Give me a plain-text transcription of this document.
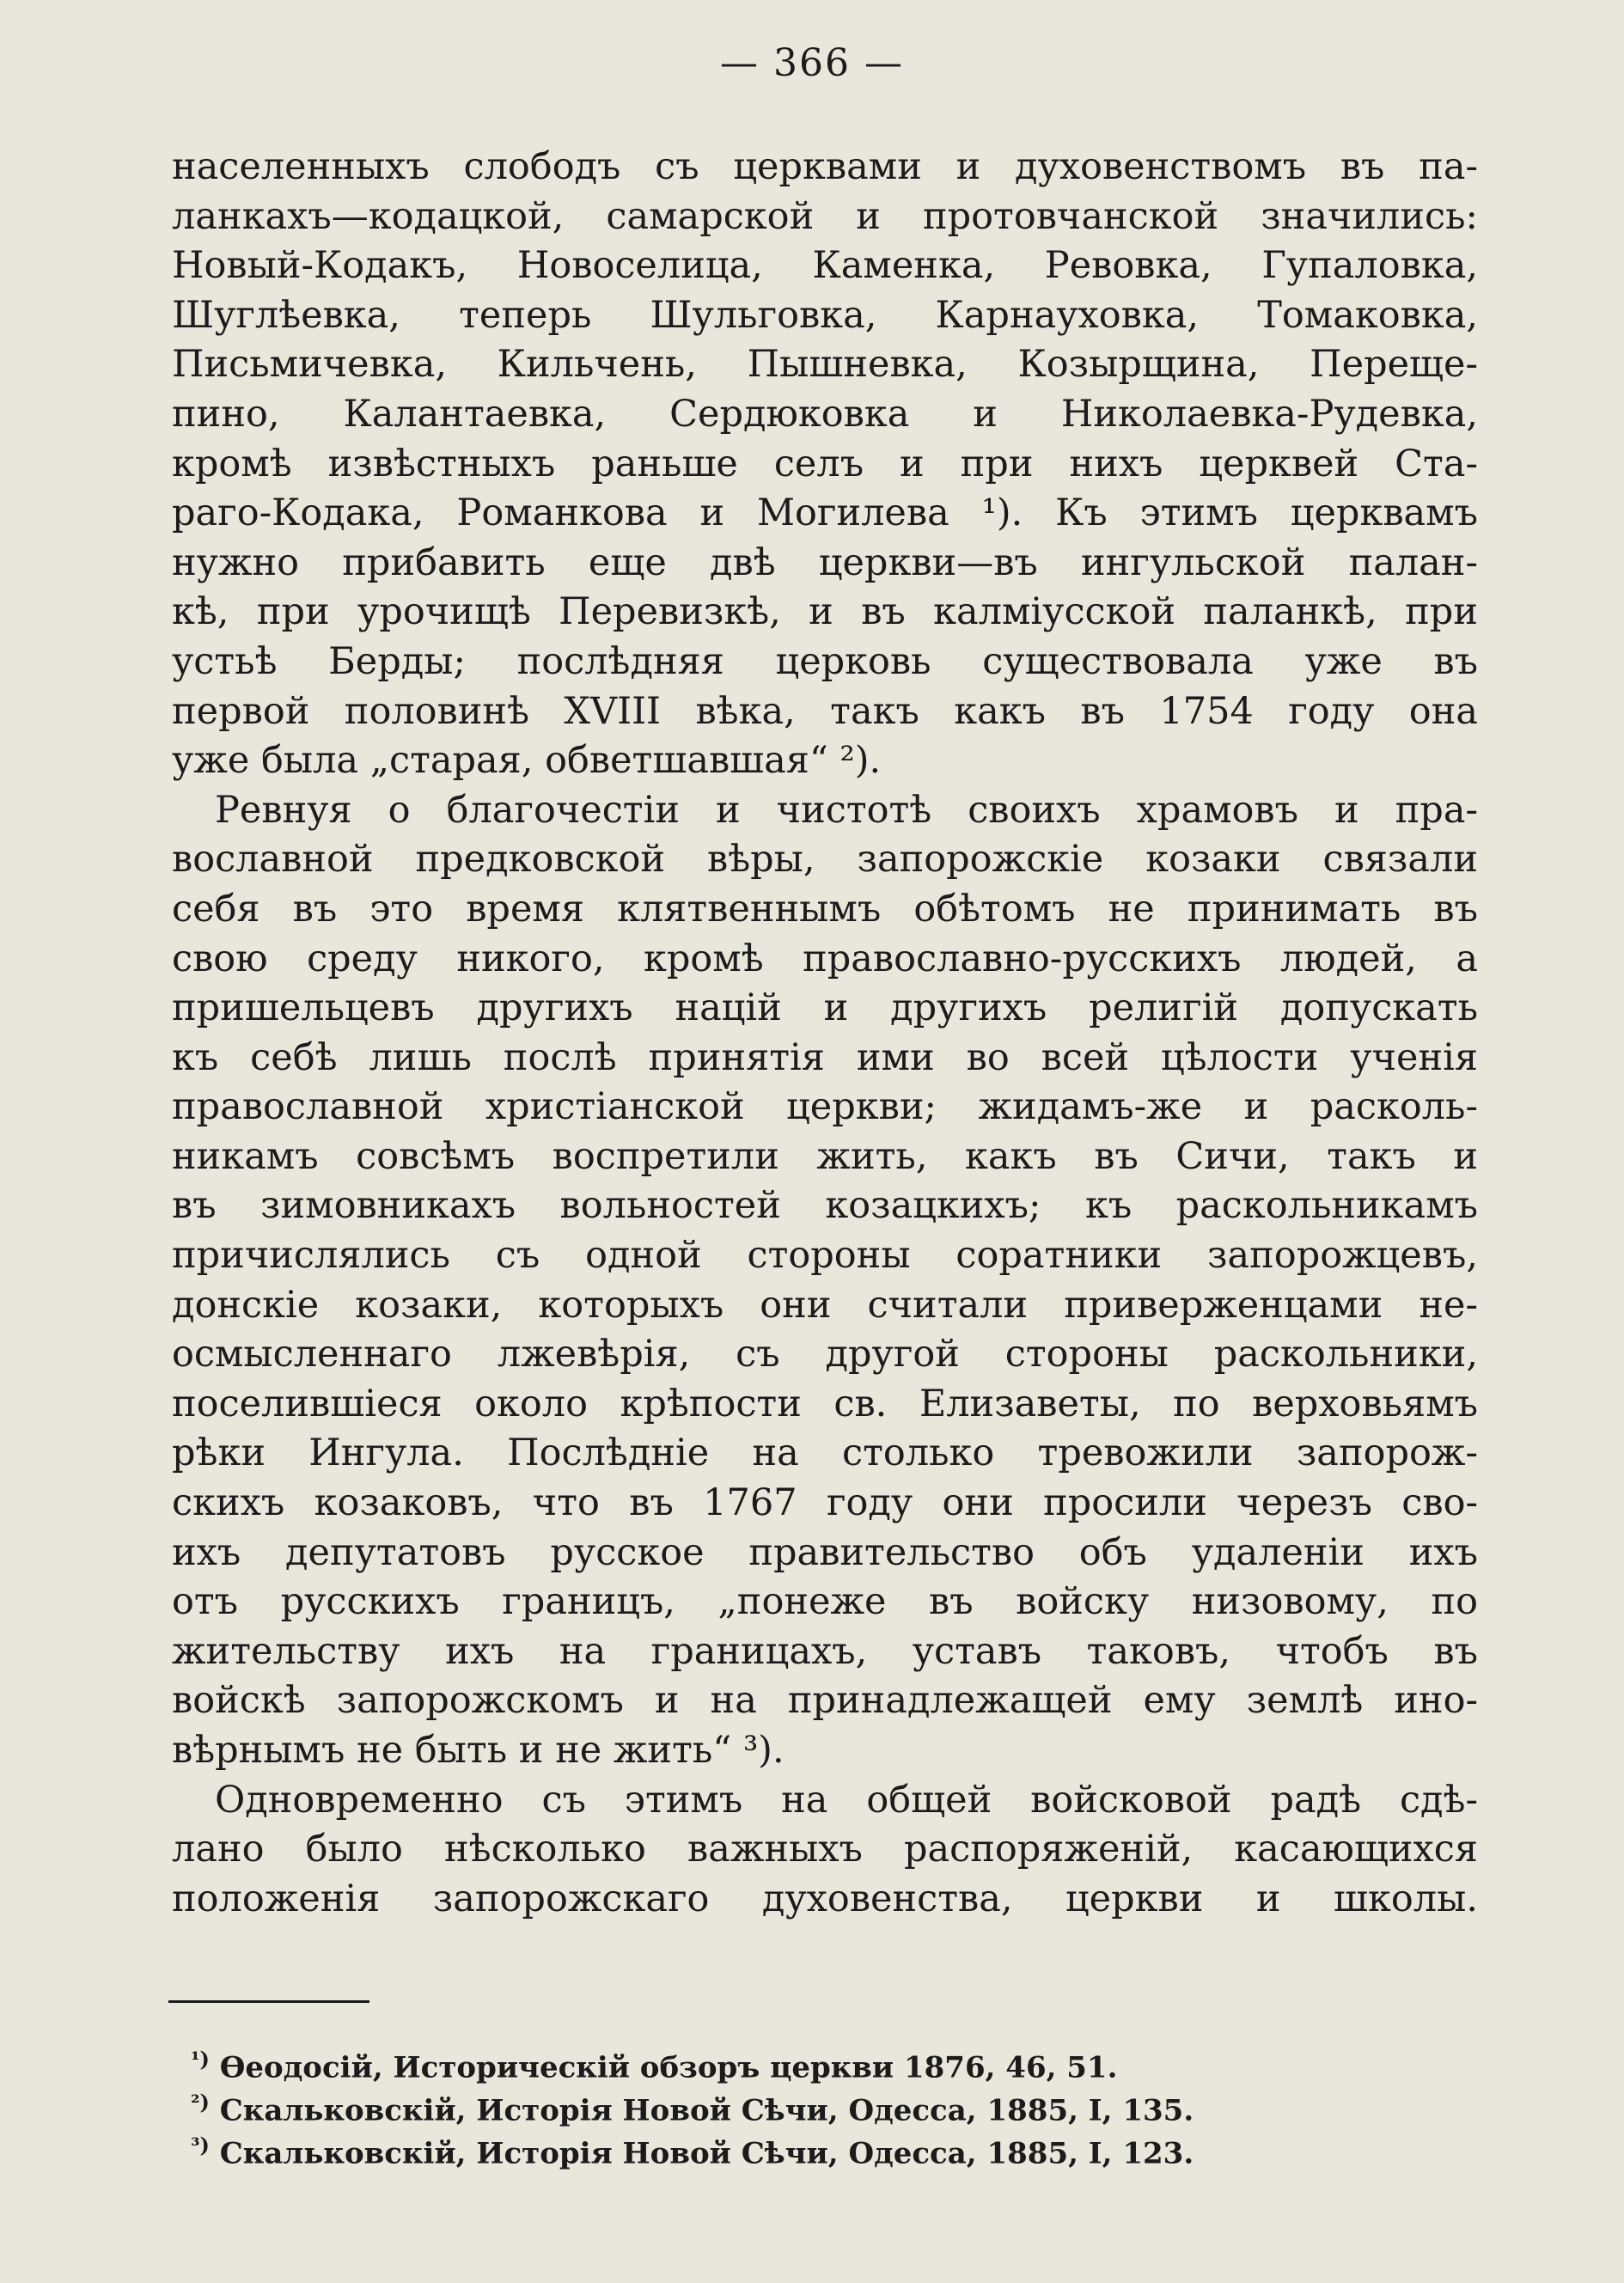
— 366 —
населенныхъ слободъ съ церквами и духовенствомъ въ па-
ланкахъ—кодацкой, самарской и протовчанской значились:
Новый-Кодакъ, Новоселица, Каменка, Ревовка, Гупаловка,
Шуглѣевка, теперь Шульговка, Карнауховка, Томаковка,
Письмичевка, Кильчень, Пышневка, Козырщина, Перещe-
пино, Калантаевка, Сердюковка и Николаевка-Рудевка,
кромѣ извѣстныхъ раньше селъ и при нихъ церквей Ста-
раго-Кодака, Романкова и Могилева ¹). Къ этимъ церквамъ
нужно прибавить еще двѣ церкви—въ ингульской палан-
кѣ, при урочищѣ Перевизкѣ, и въ калміусской паланкѣ, при
устьѣ Берды; послѣдняя церковь существовала уже въ
первой половинѣ XVIII вѣка, такъ какъ въ 1754 году она
уже была „старая, обветшавшая“ ²).
Ревнуя о благочестіи и чистотѣ своихъ храмовъ и пра-
вославной предковской вѣры, запорожскіе козаки связали
себя въ это время клятвеннымъ обѣтомъ не принимать въ
свою среду никого, кромѣ православно-русскихъ людей, а
пришельцевъ другихъ націй и другихъ религій допускать
къ себѣ лишь послѣ принятія ими во всей цѣлости ученія
православной христіанской церкви; жидамъ-же и расколь-
никамъ совсѣмъ воспретили жить, какъ въ Сичи, такъ и
въ зимовникахъ вольностей козацкихъ; къ раскольникамъ
причислялись съ одной стороны соратники запорожцевъ,
донскіе козаки, которыхъ они считали приверженцами не-
осмысленнаго лжевѣрія, съ другой стороны раскольники,
поселившіеся около крѣпости св. Елизаветы, по верховьямъ
рѣки Ингула. Послѣдніе на столько тревожили запорож-
скихъ козаковъ, что въ 1767 году они просили черезъ сво-
ихъ депутатовъ русское правительство объ удаленіи ихъ
отъ русскихъ границъ, „понеже въ войску низовому, по
жительству ихъ на границахъ, уставъ таковъ, чтобъ въ
войскѣ запорожскомъ и на принадлежащей ему землѣ ино-
вѣрнымъ не быть и не жить“ ³).
Одновременно съ этимъ на общей войсковой радѣ сдѣ-
лано было нѣсколько важныхъ распоряженій, касающихся
положенія запорожскаго духовенства, церкви и школы.
$^{^1)}$ Ѳеодосій, Историческій обзоръ церкви 1876, 46, 51.
$^{^2)}$ Скальковскій, Исторія Новой Сѣчи, Одесса, 1885, I, 135.
$^{^3)}$ Скальковскій, Исторія Новой Сѣчи, Одесса, 1885, I, 123.
